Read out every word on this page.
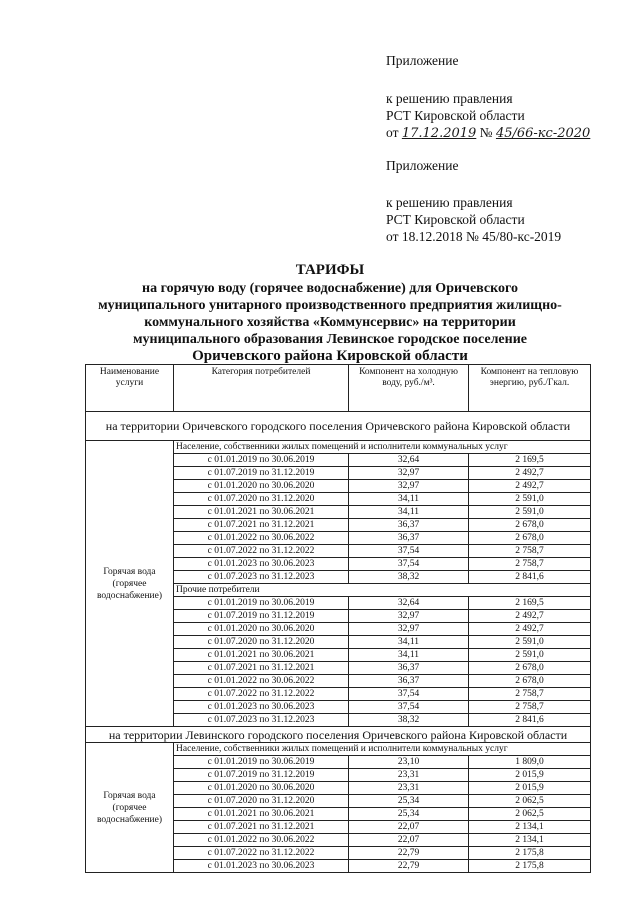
Приложение
к решению правления
РСТ Кировской области
от 17.12.2019 № 45/66-кс-2020
Приложение
к решению правления
РСТ Кировской области
от 18.12.2018 № 45/80-кс-2019
ТАРИФЫ
на горячую воду (горячее водоснабжение) для Оричевского
муниципального унитарного производственного предприятия жилищно-
коммунального хозяйства «Коммунсервис» на территории
муниципального образования Левинское городское поселение
Оричевского района Кировской области
Наименование услуги	Категория потребителей	Компонент на холодную воду, руб./м³.	Компонент на тепловую энергию, руб./Гкал.
на территории Оричевского городского поселения Оричевского района Кировской области			
Горячая вода (горячее водоснабжение)	Население, собственники жилых помещений и исполнители коммунальных услуг		
	с 01.01.2019 по 30.06.2019	32,64	2 169,5
	с 01.07.2019 по 31.12.2019	32,97	2 492,7
	с 01.01.2020 по 30.06.2020	32,97	2 492,7
	с 01.07.2020 по 31.12.2020	34,11	2 591,0
	с 01.01.2021 по 30.06.2021	34,11	2 591,0
	с 01.07.2021 по 31.12.2021	36,37	2 678,0
	с 01.01.2022 по 30.06.2022	36,37	2 678,0
	с 01.07.2022 по 31.12.2022	37,54	2 758,7
	с 01.01.2023 по 30.06.2023	37,54	2 758,7
	с 01.07.2023 по 31.12.2023	38,32	2 841,6
	Прочие потребители		
	с 01.01.2019 по 30.06.2019	32,64	2 169,5
	с 01.07.2019 по 31.12.2019	32,97	2 492,7
	с 01.01.2020 по 30.06.2020	32,97	2 492,7
	с 01.07.2020 по 31.12.2020	34,11	2 591,0
	с 01.01.2021 по 30.06.2021	34,11	2 591,0
	с 01.07.2021 по 31.12.2021	36,37	2 678,0
	с 01.01.2022 по 30.06.2022	36,37	2 678,0
	с 01.07.2022 по 31.12.2022	37,54	2 758,7
	с 01.01.2023 по 30.06.2023	37,54	2 758,7
	с 01.07.2023 по 31.12.2023	38,32	2 841,6
на территории Левинского городского поселения Оричевского района Кировской области			
Горячая вода (горячее водоснабжение)	Население, собственники жилых помещений и исполнители коммунальных услуг		
	с 01.01.2019 по 30.06.2019	23,10	1 809,0
	с 01.07.2019 по 31.12.2019	23,31	2 015,9
	с 01.01.2020 по 30.06.2020	23,31	2 015,9
	с 01.07.2020 по 31.12.2020	25,34	2 062,5
	с 01.01.2021 по 30.06.2021	25,34	2 062,5
	с 01.07.2021 по 31.12.2021	22,07	2 134,1
	с 01.01.2022 по 30.06.2022	22,07	2 134,1
	с 01.07.2022 по 31.12.2022	22,79	2 175,8
	с 01.01.2023 по 30.06.2023	22,79	2 175,8
